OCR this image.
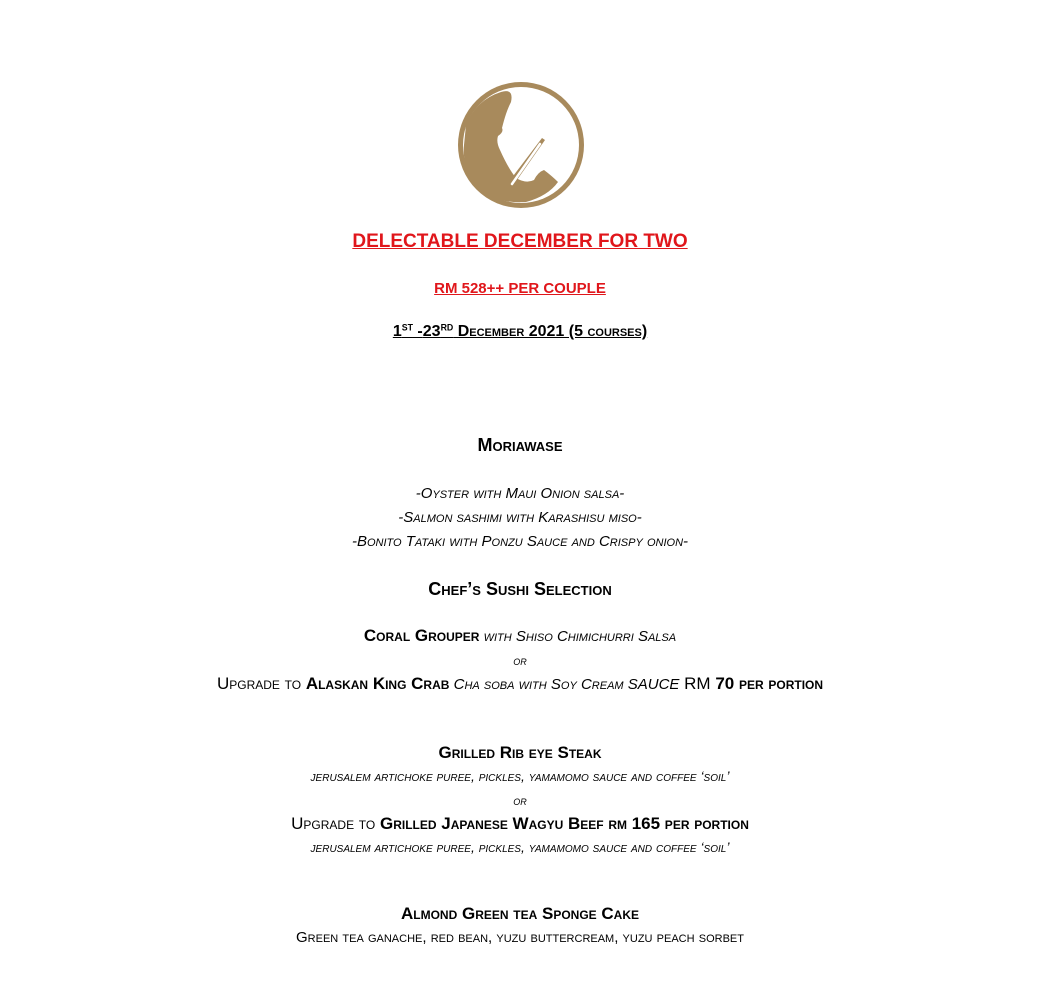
DELECTABLE DECEMBER FOR TWO
RM 528++ PER COUPLE
1ST -23RD December 2021 (5 courses)
Moriawase
-Oyster with Maui Onion salsa-
-Salmon sashimi with Karashisu miso-
-Bonito Tataki with Ponzu Sauce and Crispy onion-
Chef’s Sushi Selection
Coral Grouper with Shiso Chimichurri Salsa
or
Upgrade to Alaskan King Crab Cha soba with Soy Cream SAUCE RM 70 per portion
Grilled Rib eye Steak
jerusalem artichoke puree, pickles, yamamomo sauce and coffee ‘soil’
or
Upgrade to Grilled Japanese Wagyu Beef rm 165 per portion
jerusalem artichoke puree, pickles, yamamomo sauce and coffee ‘soil’
Almond Green tea Sponge Cake
Green tea ganache, red bean, yuzu buttercream, yuzu peach sorbet
